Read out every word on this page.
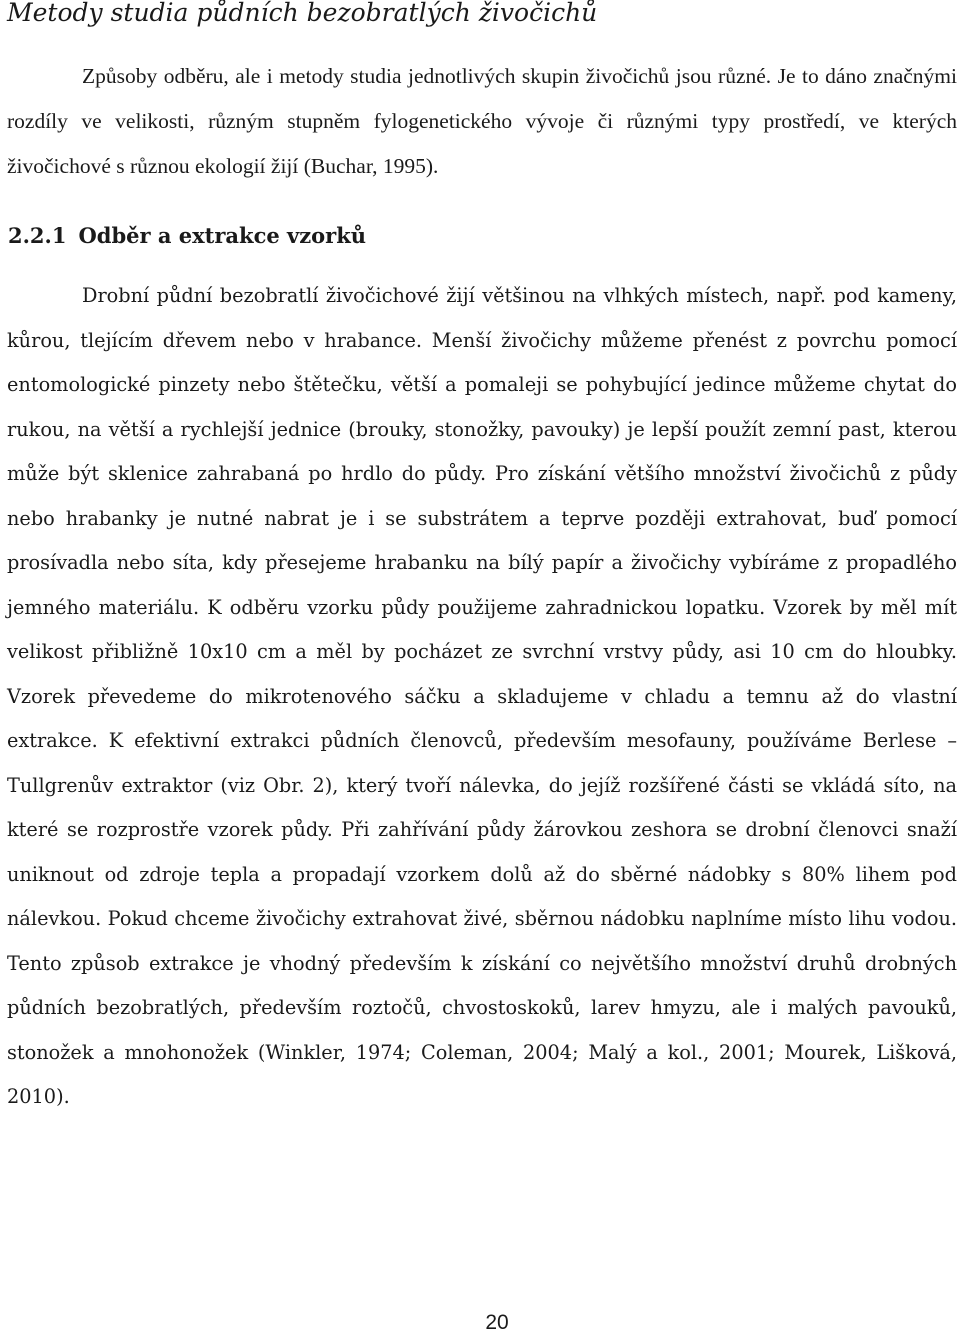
Metody studia půdních bezobratlých živočichů

Způsoby odběru, ale i metody studia jednotlivých skupin živočichů jsou různé. Je to dáno značnými rozdíly ve velikosti, různým stupněm fylogenetického vývoje či různými typy prostředí, ve kterých živočichové s různou ekologií žijí (Buchar, 1995).

2.2.1 Odběr a extrakce vzorků

Drobní půdní bezobratlí živočichové žijí většinou na vlhkých místech, např. pod kameny, kůrou, tlejícím dřevem nebo v hrabance. Menší živočichy můžeme přenést z povrchu pomocí entomologické pinzety nebo štětečku, větší a pomaleji se pohybující jedince můžeme chytat do rukou, na větší a rychlejší jednice (brouky, stonožky, pavouky) je lepší použít zemní past, kterou může být sklenice zahrabaná po hrdlo do půdy. Pro získání většího množství živočichů z půdy nebo hrabanky je nutné nabrat je i se substrátem a teprve později extrahovat, buď pomocí prosívadla nebo síta, kdy přesejeme hrabanku na bílý papír a živočichy vybíráme z propadlého jemného materiálu. K odběru vzorku půdy použijeme zahradnickou lopatku. Vzorek by měl mít velikost přibližně 10x10 cm a měl by pocházet ze svrchní vrstvy půdy, asi 10 cm do hloubky. Vzorek převedeme do mikrotenového sáčku a skladujeme v chladu a temnu až do vlastní extrakce. K efektivní extrakci půdních členovců, především mesofauny, používáme Berlese – Tullgrenův extraktor (viz Obr. 2), který tvoří nálevka, do jejíž rozšířené části se vkládá síto, na které se rozprostře vzorek půdy. Při zahřívání půdy žárovkou zeshora se drobní členovci snaží uniknout od zdroje tepla a propadají vzorkem dolů až do sběrné nádobky s 80% lihem pod nálevkou. Pokud chceme živočichy extrahovat živé, sběrnou nádobku naplníme místo lihu vodou. Tento způsob extrakce je vhodný především k získání co největšího množství druhů drobných půdních bezobratlých, především roztočů, chvostoskoků, larev hmyzu, ale i malých pavouků, stonožek a mnohonožek (Winkler, 1974; Coleman, 2004; Malý a kol., 2001; Mourek, Lišková, 2010).

20
